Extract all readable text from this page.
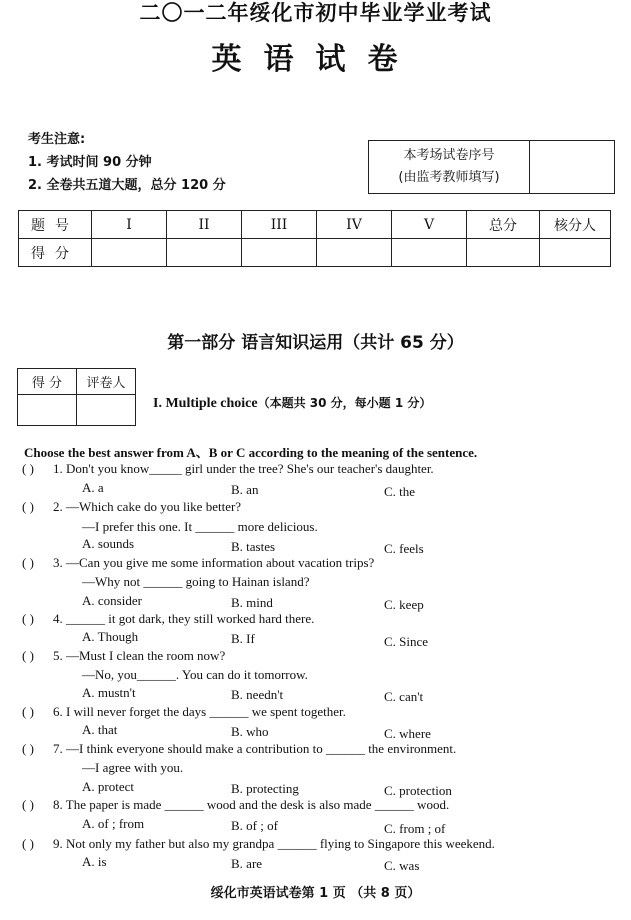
二〇一二年绥化市初中毕业学业考试
英语试卷
考生注意:
1. 考试时间 90 分钟
2. 全卷共五道大题，总分 120 分
本考场试卷序号
(由监考教师填写)

题号	I	II	III	IV	V	总分	核分人
得分							
第一部分 语言知识运用（共计 65 分）
得 分	评卷人

I. Multiple choice（本题共 30 分，每小题 1 分）
Choose the best answer from A、B or C according to the meaning of the sentence.
( ) 1. Don't you know_____ girl under the tree? She's our teacher's daughter.
A. a	B. an	C. the
( ) 2. —Which cake do you like better?
—I prefer this one. It ______ more delicious.
A. sounds	B. tastes	C. feels
( ) 3. —Can you give me some information about vacation trips?
—Why not ______ going to Hainan island?
A. consider	B. mind	C. keep
( ) 4. ______ it got dark, they still worked hard there.
A. Though	B. If	C. Since
( ) 5. —Must I clean the room now?
—No, you______. You can do it tomorrow.
A. mustn't	B. needn't	C. can't
( ) 6. I will never forget the days ______ we spent together.
A. that	B. who	C. where
( ) 7. —I think everyone should make a contribution to ______ the environment.
—I agree with you.
A. protect	B. protecting	C. protection
( ) 8. The paper is made ______ wood and the desk is also made ______ wood.
A. of ; from	B. of ; of	C. from ; of
( ) 9. Not only my father but also my grandpa ______ flying to Singapore this weekend.
A. is	B. are	C. was
绥化市英语试卷第 1 页 （共 8 页）
